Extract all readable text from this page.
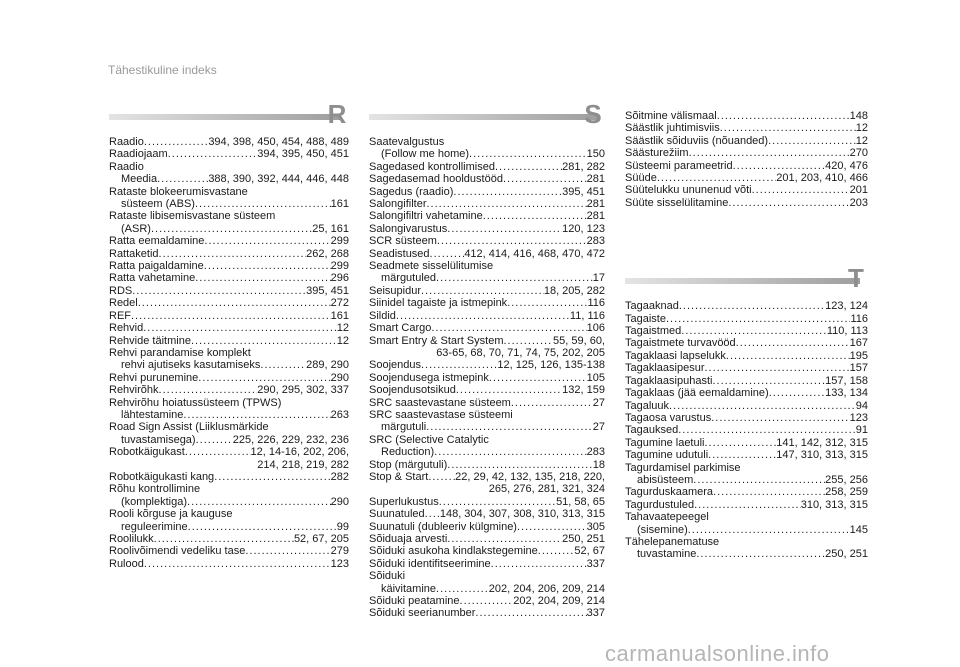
Tähestikuline indeks
R
Raadio .....	394, 398, 450, 454, 488, 489
Raadiojaam .....	394, 395, 450, 451
Raadio
Meedia .....	388, 390, 392, 444, 446, 448
Rataste blokeerumisvastane
süsteem (ABS) .....	161
Rataste libisemisvastane süsteem
(ASR) .....	25, 161
Ratta eemaldamine .....	299
Rattaketid .....	262, 268
Ratta paigaldamine .....	299
Ratta vahetamine .....	296
RDS .....	395, 451
Redel .....	272
REF .....	161
Rehvid .....	12
Rehvide täitmine .....	12
Rehvi parandamise komplekt
rehvi ajutiseks kasutamiseks .....	289, 290
Rehvi purunemine .....	290
Rehvirõhk .....	290, 295, 302, 337
Rehvirõhu hoiatussüsteem (TPWS)
lähtestamine .....	263
Road Sign Assist (Liiklusmärkide
tuvastamisega) .....	225, 226, 229, 232, 236
Robotkäigukast .....	12, 14-16, 202, 206,
214, 218, 219, 282
Robotkäigukasti kang .....	282
Rõhu kontrollimine
(komplektiga) .....	290
Rooli kõrguse ja kauguse
reguleerimine .....	99
Roolilukk .....	52, 67, 205
Roolivõimendi vedeliku tase .....	279
Rulood .....	123
S
Saatevalgustus
(Follow me home) .....	150
Sagedased kontrollimised .....	281, 282
Sagedasemad hooldustööd .....	281
Sagedus (raadio) .....	395, 451
Salongifilter .....	281
Salongifiltri vahetamine .....	281
Salongivarustus .....	120, 123
SCR süsteem .....	283
Seadistused .....	412, 414, 416, 468, 470, 472
Seadmete sisselülitumise
märgutuled .....	17
Seisupidur .....	18, 205, 282
Siinidel tagaiste ja istmepink .....	116
Sildid .....	11, 116
Smart Cargo .....	106
Smart Entry & Start System .....	55, 59, 60,
63-65, 68, 70, 71, 74, 75, 202, 205
Soojendus .....	12, 125, 126, 135-138
Soojendusega istmepink .....	105
Soojendusotsikud .....	132, 159
SRC saastevastane süsteem .....	27
SRC saastevastase süsteemi
märgutuli .....	27
SRC (Selective Catalytic
Reduction) .....	283
Stop (märgutuli) .....	18
Stop & Start ..... 22, 29, 42, 132, 135, 218, 220,
265, 276, 281, 321, 324
Superlukustus .....	51, 58, 65
Suunatuled ..... 148, 304, 307, 308, 310, 313, 315
Suunatuli (dubleeriv külgmine) .....	305
Sõiduaja arvesti .....	250, 251
Sõiduki asukoha kindlakstegemine .....	52, 67
Sõiduki identifitseerimine .....	337
Sõiduki
käivitamine .....	202, 204, 206, 209, 214
Sõiduki peatamine .....	202, 204, 209, 214
Sõiduki seerianumber .....	337
Sõitmine välismaal .....	148
Säästlik juhtimisviis .....	12
Säästlik sõiduviis (nõuanded) .....	12
Säästurežiim .....	270
Süsteemi parameetrid .....	420, 476
Süüde .....	201, 203, 410, 466
Süütelukku ununenud võti .....	201
Süüte sisselülitamine .....	203
T
Tagaaknad .....	123, 124
Tagaiste .....	116
Tagaistmed .....	110, 113
Tagaistmete turvavööd .....	167
Tagaklaasi lapselukk .....	195
Tagaklaasipesur .....	157
Tagaklaasipuhasti .....	157, 158
Tagaklaas (jää eemaldamine) .....	133, 134
Tagaluuk .....	94
Tagaosa varustus .....	123
Tagauksed .....	91
Tagumine laetuli .....	141, 142, 312, 315
Tagumine udutuli .....	147, 310, 313, 315
Tagurdamisel parkimise
abisüsteem .....	255, 256
Tagurduskaamera .....	258, 259
Tagurdustuled .....	310, 313, 315
Tahavaatepeegel
(sisemine) .....	145
Tähelepanematuse
tuvastamine .....	250, 251
carmanualsonline.info
